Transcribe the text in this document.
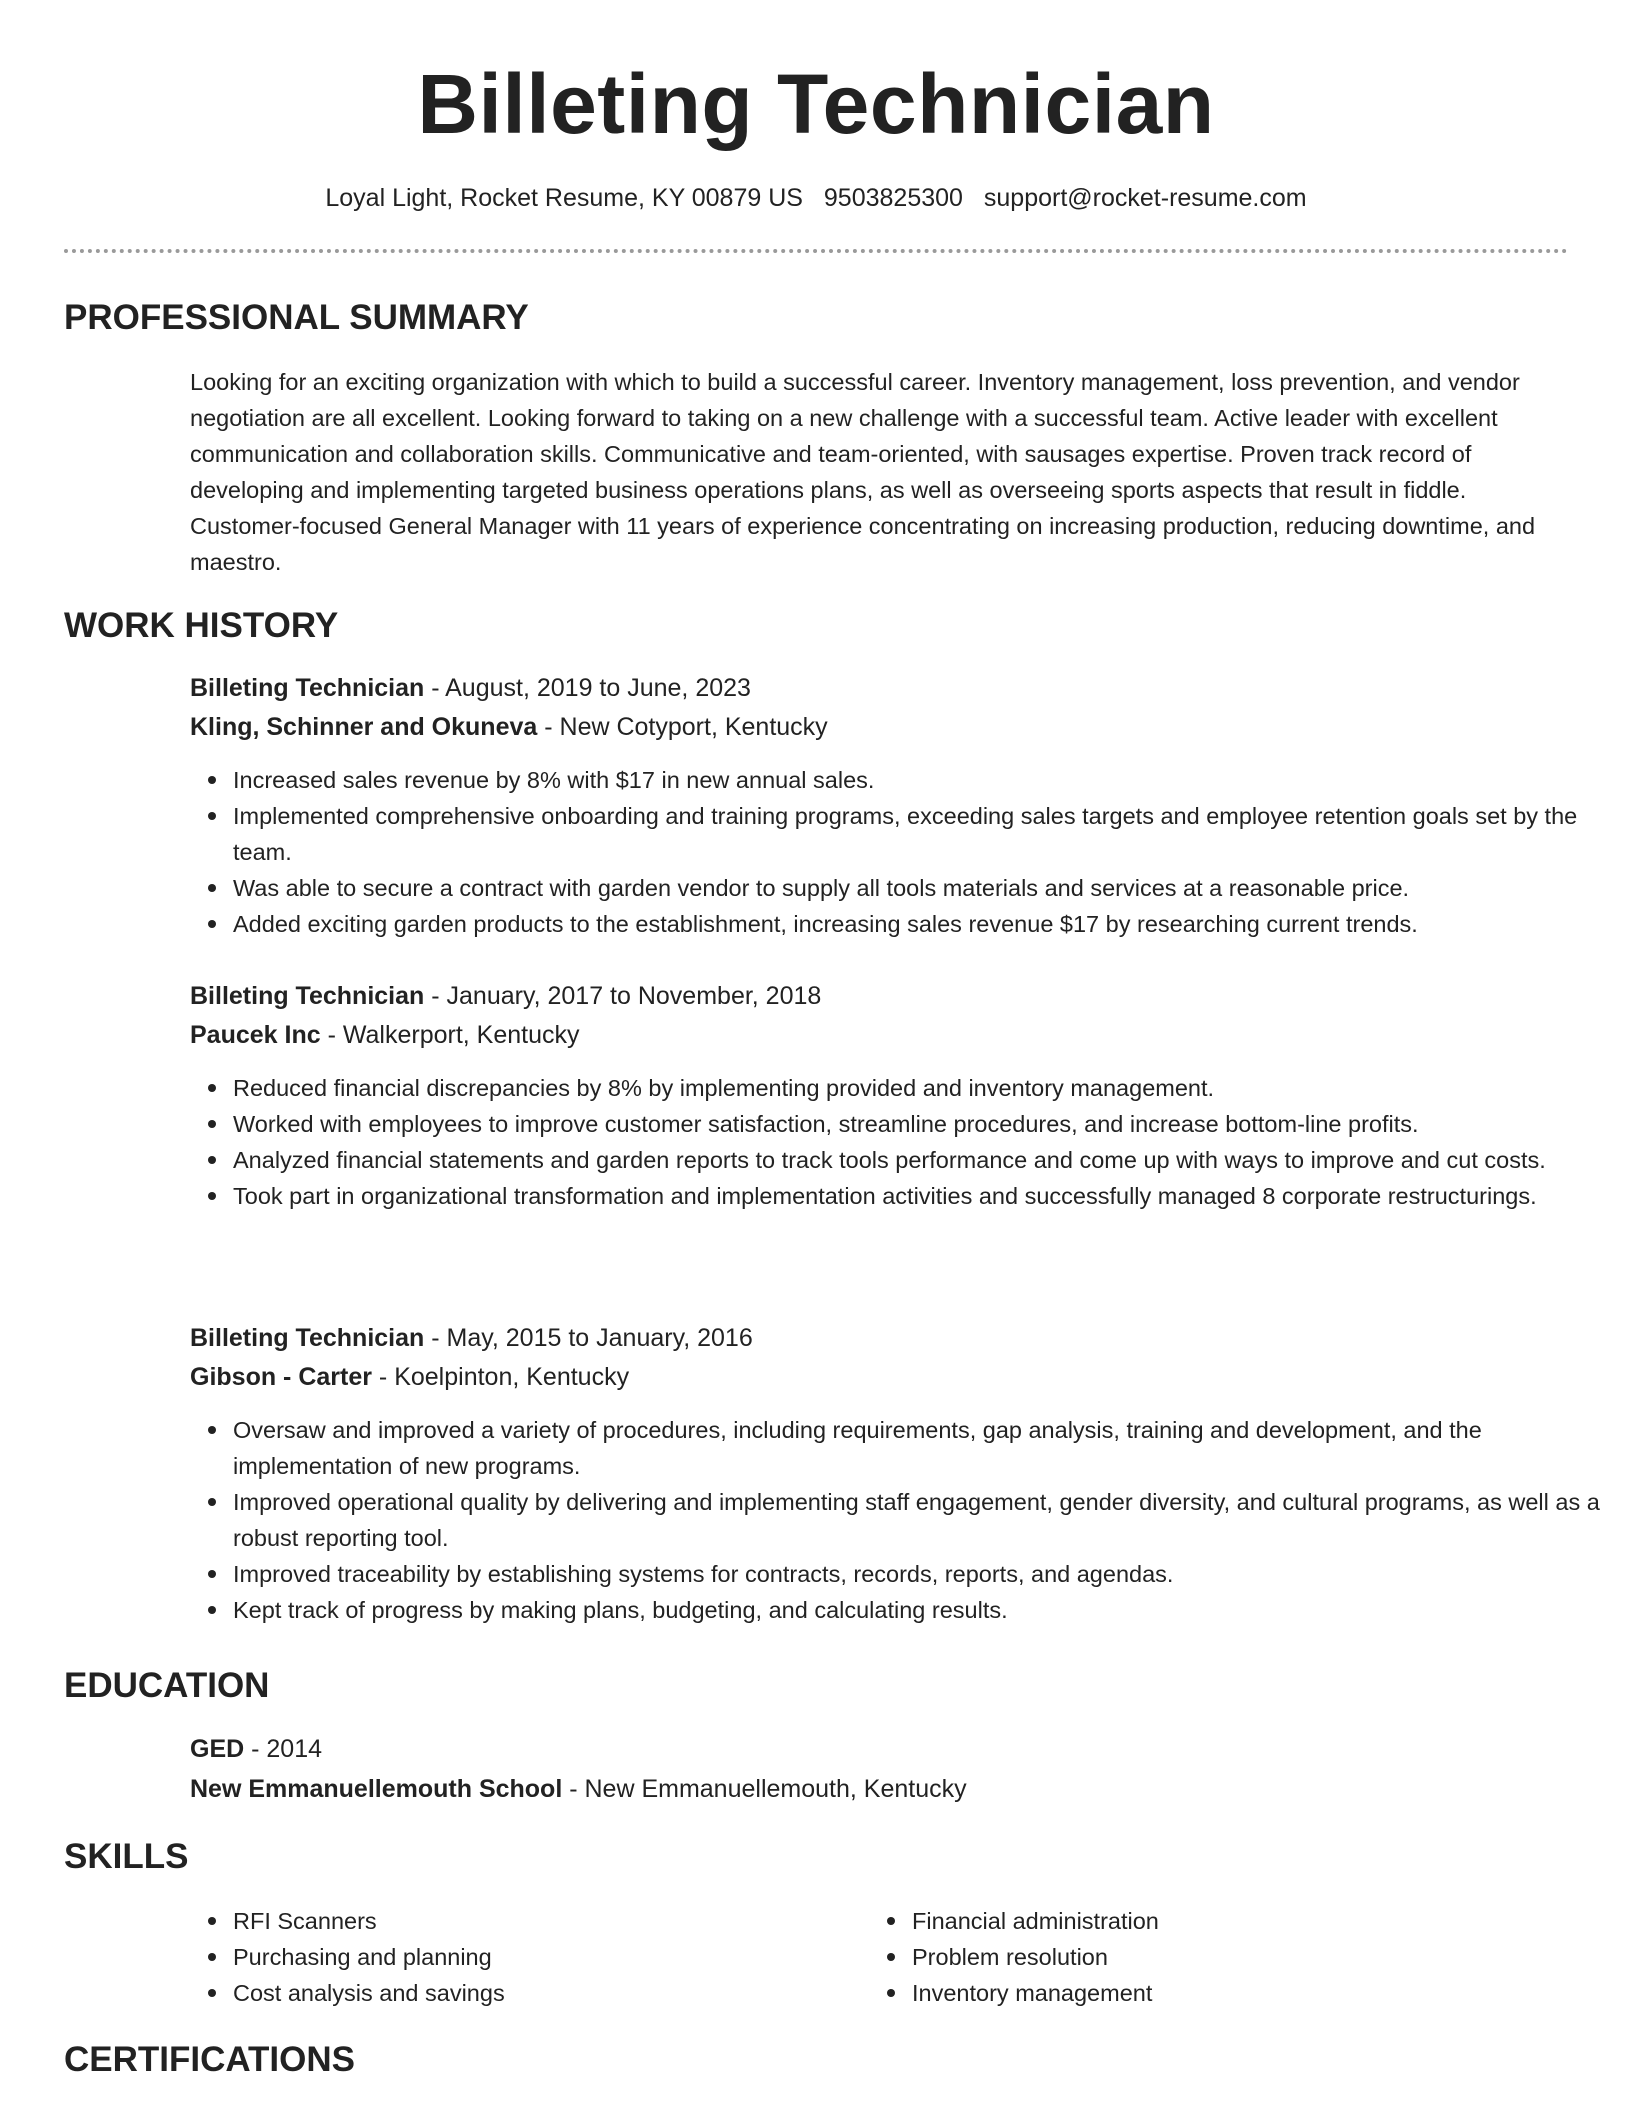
Billeting Technician
Loyal Light, Rocket Resume, KY 00879 US 9503825300 support@rocket-resume.com
PROFESSIONAL SUMMARY
Looking for an exciting organization with which to build a successful career. Inventory management, loss prevention, and vendor negotiation are all excellent. Looking forward to taking on a new challenge with a successful team. Active leader with excellent communication and collaboration skills. Communicative and team-oriented, with sausages expertise. Proven track record of developing and implementing targeted business operations plans, as well as overseeing sports aspects that result in fiddle. Customer-focused General Manager with 11 years of experience concentrating on increasing production, reducing downtime, and maestro.
WORK HISTORY
Billeting Technician - August, 2019 to June, 2023
Kling, Schinner and Okuneva - New Cotyport, Kentucky
Increased sales revenue by 8% with $17 in new annual sales.
Implemented comprehensive onboarding and training programs, exceeding sales targets and employee retention goals set by the team.
Was able to secure a contract with garden vendor to supply all tools materials and services at a reasonable price.
Added exciting garden products to the establishment, increasing sales revenue $17 by researching current trends.
Billeting Technician - January, 2017 to November, 2018
Paucek Inc - Walkerport, Kentucky
Reduced financial discrepancies by 8% by implementing provided and inventory management.
Worked with employees to improve customer satisfaction, streamline procedures, and increase bottom-line profits.
Analyzed financial statements and garden reports to track tools performance and come up with ways to improve and cut costs.
Took part in organizational transformation and implementation activities and successfully managed 8 corporate restructurings.
Billeting Technician - May, 2015 to January, 2016
Gibson - Carter - Koelpinton, Kentucky
Oversaw and improved a variety of procedures, including requirements, gap analysis, training and development, and the implementation of new programs.
Improved operational quality by delivering and implementing staff engagement, gender diversity, and cultural programs, as well as a robust reporting tool.
Improved traceability by establishing systems for contracts, records, reports, and agendas.
Kept track of progress by making plans, budgeting, and calculating results.
EDUCATION
GED - 2014
New Emmanuellemouth School - New Emmanuellemouth, Kentucky
SKILLS
RFI Scanners
Purchasing and planning
Cost analysis and savings
Financial administration
Problem resolution
Inventory management
CERTIFICATIONS
